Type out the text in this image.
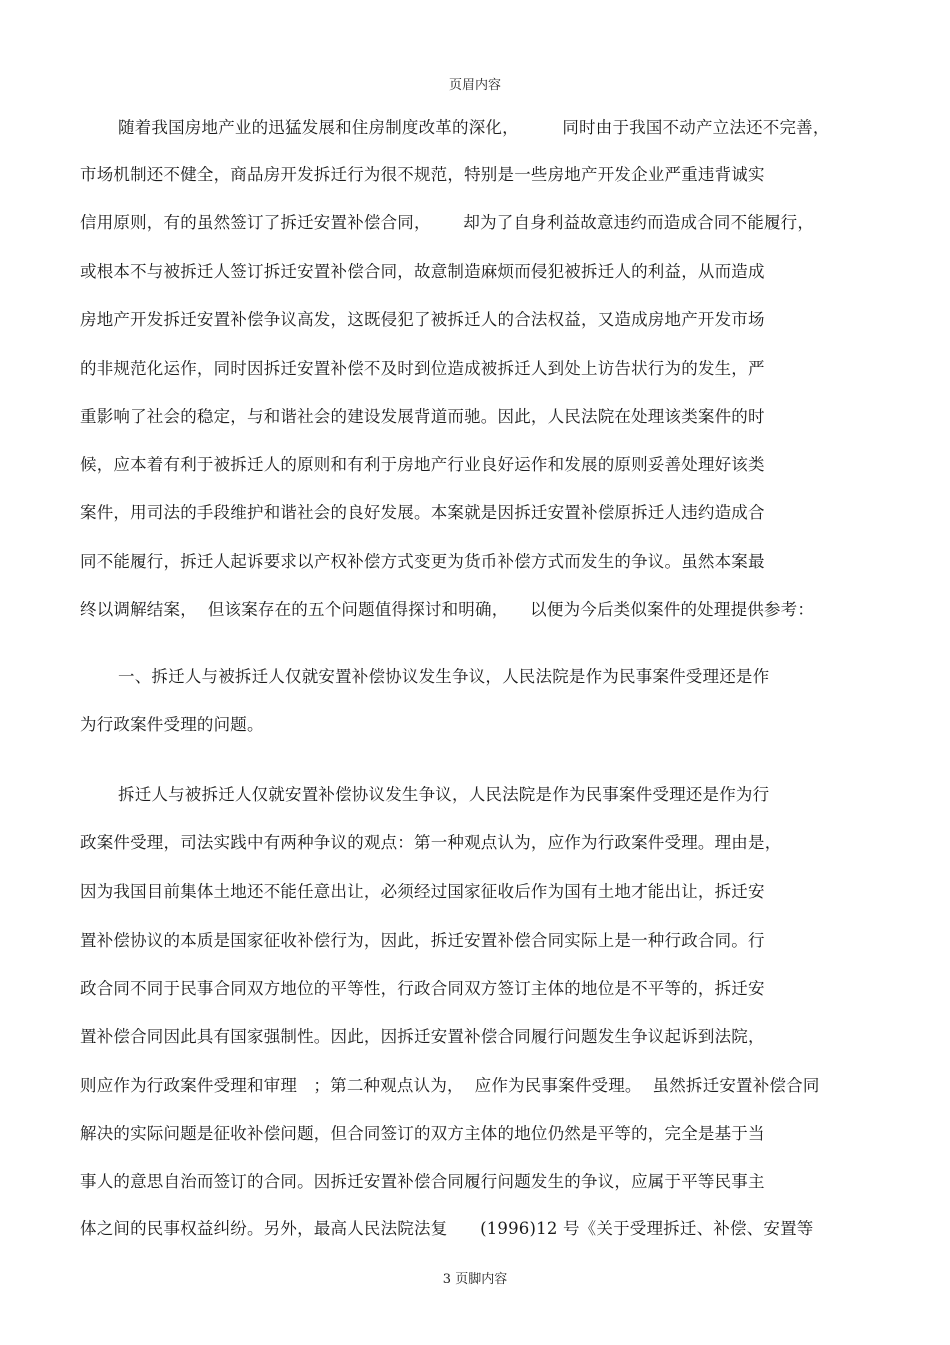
页眉内容
随着我国房地产业的迅猛发展和住房制度改革的深化，        同时由于我国不动产立法还不完善，
市场机制还不健全，商品房开发拆迁行为很不规范，特别是一些房地产开发企业严重违背诚实
信用原则，有的虽然签订了拆迁安置补偿合同，      却为了自身利益故意违约而造成合同不能履行，
或根本不与被拆迁人签订拆迁安置补偿合同，故意制造麻烦而侵犯被拆迁人的利益，从而造成
房地产开发拆迁安置补偿争议高发，这既侵犯了被拆迁人的合法权益，又造成房地产开发市场
的非规范化运作，同时因拆迁安置补偿不及时到位造成被拆迁人到处上访告状行为的发生，严
重影响了社会的稳定，与和谐社会的建设发展背道而驰。因此，人民法院在处理该类案件的时
候，应本着有利于被拆迁人的原则和有利于房地产行业良好运作和发展的原则妥善处理好该类
案件，用司法的手段维护和谐社会的良好发展。本案就是因拆迁安置补偿原拆迁人违约造成合
同不能履行，拆迁人起诉要求以产权补偿方式变更为货币补偿方式而发生的争议。虽然本案最
终以调解结案，  但该案存在的五个问题值得探讨和明确，    以便为今后类似案件的处理提供参考：
一、拆迁人与被拆迁人仅就安置补偿协议发生争议，人民法院是作为民事案件受理还是作
为行政案件受理的问题。
拆迁人与被拆迁人仅就安置补偿协议发生争议，人民法院是作为民事案件受理还是作为行
政案件受理，司法实践中有两种争议的观点：第一种观点认为，应作为行政案件受理。理由是，
因为我国目前集体土地还不能任意出让，必须经过国家征收后作为国有土地才能出让，拆迁安
置补偿协议的本质是国家征收补偿行为，因此，拆迁安置补偿合同实际上是一种行政合同。行
政合同不同于民事合同双方地位的平等性，行政合同双方签订主体的地位是不平等的，拆迁安
置补偿合同因此具有国家强制性。因此，因拆迁安置补偿合同履行问题发生争议起诉到法院，
则应作为行政案件受理和审理   ；第二种观点认为，  应作为民事案件受理。  虽然拆迁安置补偿合同
解决的实际问题是征收补偿问题，但合同签订的双方主体的地位仍然是平等的，完全是基于当
事人的意思自治而签订的合同。因拆迁安置补偿合同履行问题发生的争议，应属于平等民事主
体之间的民事权益纠纷。另外，最高人民法院法复      (1996)12 号《关于受理拆迁、补偿、安置等
3 页脚内容
